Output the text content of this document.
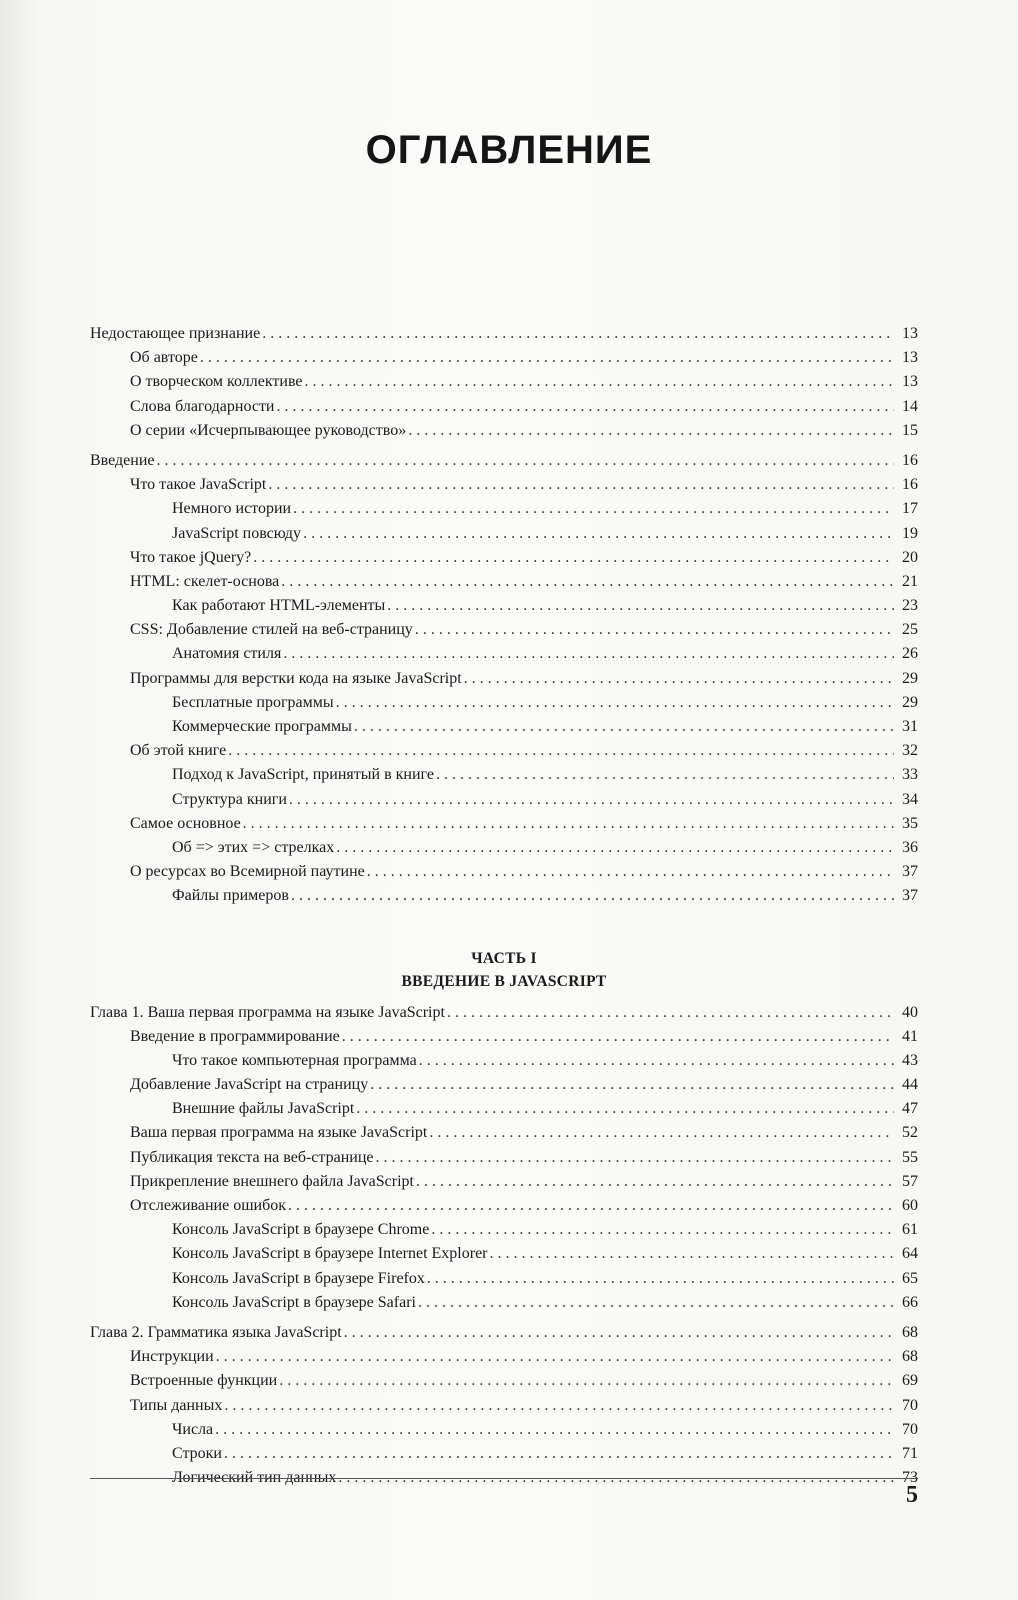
ОГЛАВЛЕНИЕ
Недостающее признание . . .	13
Об авторе . . .	13
О творческом коллективе . . .	13
Слова благодарности . . .	14
О серии «Исчерпывающее руководство» . . .	15
Введение . . .	16
Что такое JavaScript . . .	16
Немного истории . . .	17
JavaScript повсюду . . .	19
Что такое jQuery? . . .	20
HTML: скелет-основа . . .	21
Как работают HTML-элементы . . .	23
CSS: Добавление стилей на веб-страницу . . .	25
Анатомия стиля . . .	26
Программы для верстки кода на языке JavaScript . . .	29
Бесплатные программы . . .	29
Коммерческие программы . . .	31
Об этой книге . . .	32
Подход к JavaScript, принятый в книге . . .	33
Структура книги . . .	34
Самое основное . . .	35
Об => этих => стрелках . . .	36
О ресурсах во Всемирной паутине . . .	37
Файлы примеров . . .	37
ЧАСТЬ I
ВВЕДЕНИЕ В JAVASCRIPT
Глава 1. Ваша первая программа на языке JavaScript . . .	40
Введение в программирование . . .	41
Что такое компьютерная программа . . .	43
Добавление JavaScript на страницу . . .	44
Внешние файлы JavaScript . . .	47
Ваша первая программа на языке JavaScript . . .	52
Публикация текста на веб-странице . . .	55
Прикрепление внешнего файла JavaScript . . .	57
Отслеживание ошибок . . .	60
Консоль JavaScript в браузере Chrome . . .	61
Консоль JavaScript в браузере Internet Explorer . . .	64
Консоль JavaScript в браузере Firefox . . .	65
Консоль JavaScript в браузере Safari . . .	66
Глава 2. Грамматика языка JavaScript . . .	68
Инструкции . . .	68
Встроенные функции . . .	69
Типы данных . . .	70
Числа . . .	70
Строки . . .	71
Логический тип данных . . .	73
5
